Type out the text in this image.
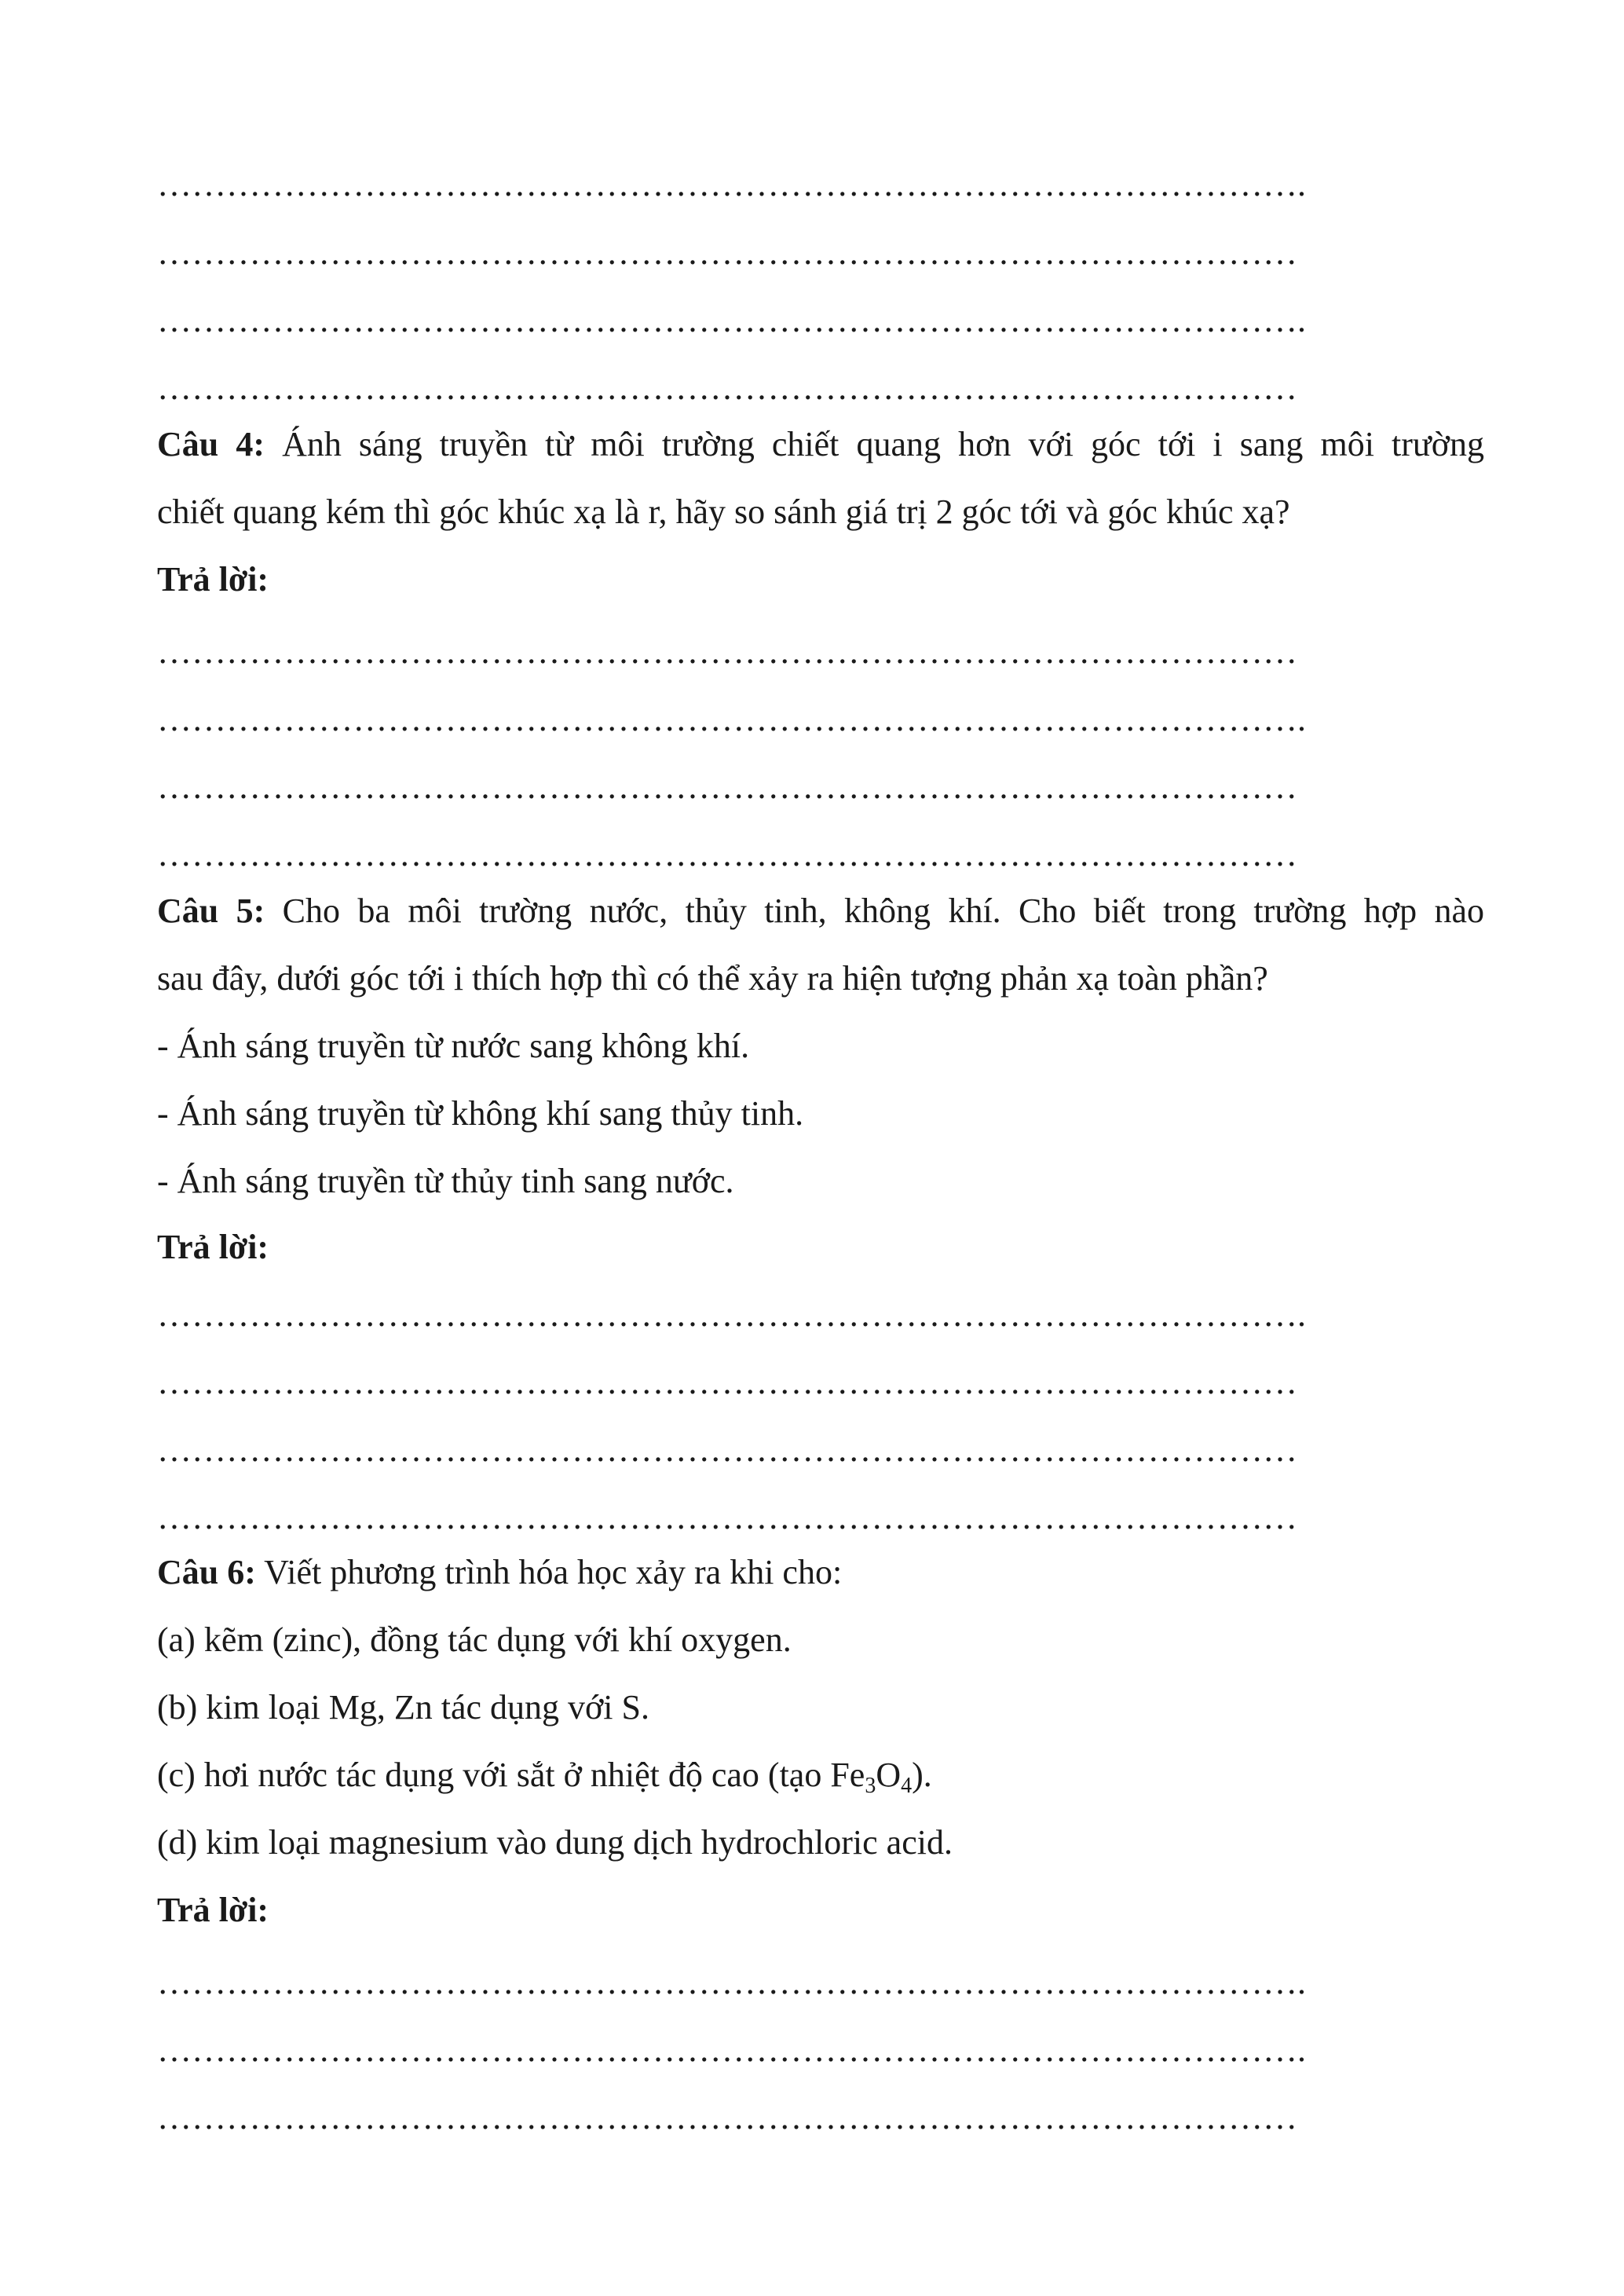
……………………………………………………………………………………….
………………………………………………………………………………………
……………………………………………………………………………………….
………………………………………………………………………………………
Câu 4: Ánh sáng truyền từ môi trường chiết quang hơn với góc tới i sang môi trường
chiết quang kém thì góc khúc xạ là r, hãy so sánh giá trị 2 góc tới và góc khúc xạ?
Trả lời:
………………………………………………………………………………………
……………………………………………………………………………………….
………………………………………………………………………………………
………………………………………………………………………………………
Câu 5: Cho ba môi trường nước, thủy tinh, không khí. Cho biết trong trường hợp nào
sau đây, dưới góc tới i thích hợp thì có thể xảy ra hiện tượng phản xạ toàn phần?
- Ánh sáng truyền từ nước sang không khí.
- Ánh sáng truyền từ không khí sang thủy tinh.
- Ánh sáng truyền từ thủy tinh sang nước.
Trả lời:
……………………………………………………………………………………….
………………………………………………………………………………………
………………………………………………………………………………………
………………………………………………………………………………………
Câu 6: Viết phương trình hóa học xảy ra khi cho:
(a) kẽm (zinc), đồng tác dụng với khí oxygen.
(b) kim loại Mg, Zn tác dụng với S.
(c) hơi nước tác dụng với sắt ở nhiệt độ cao (tạo $Fe_3O_4$).
(d) kim loại magnesium vào dung dịch hydrochloric acid.
Trả lời:
……………………………………………………………………………………….
……………………………………………………………………………………….
………………………………………………………………………………………
